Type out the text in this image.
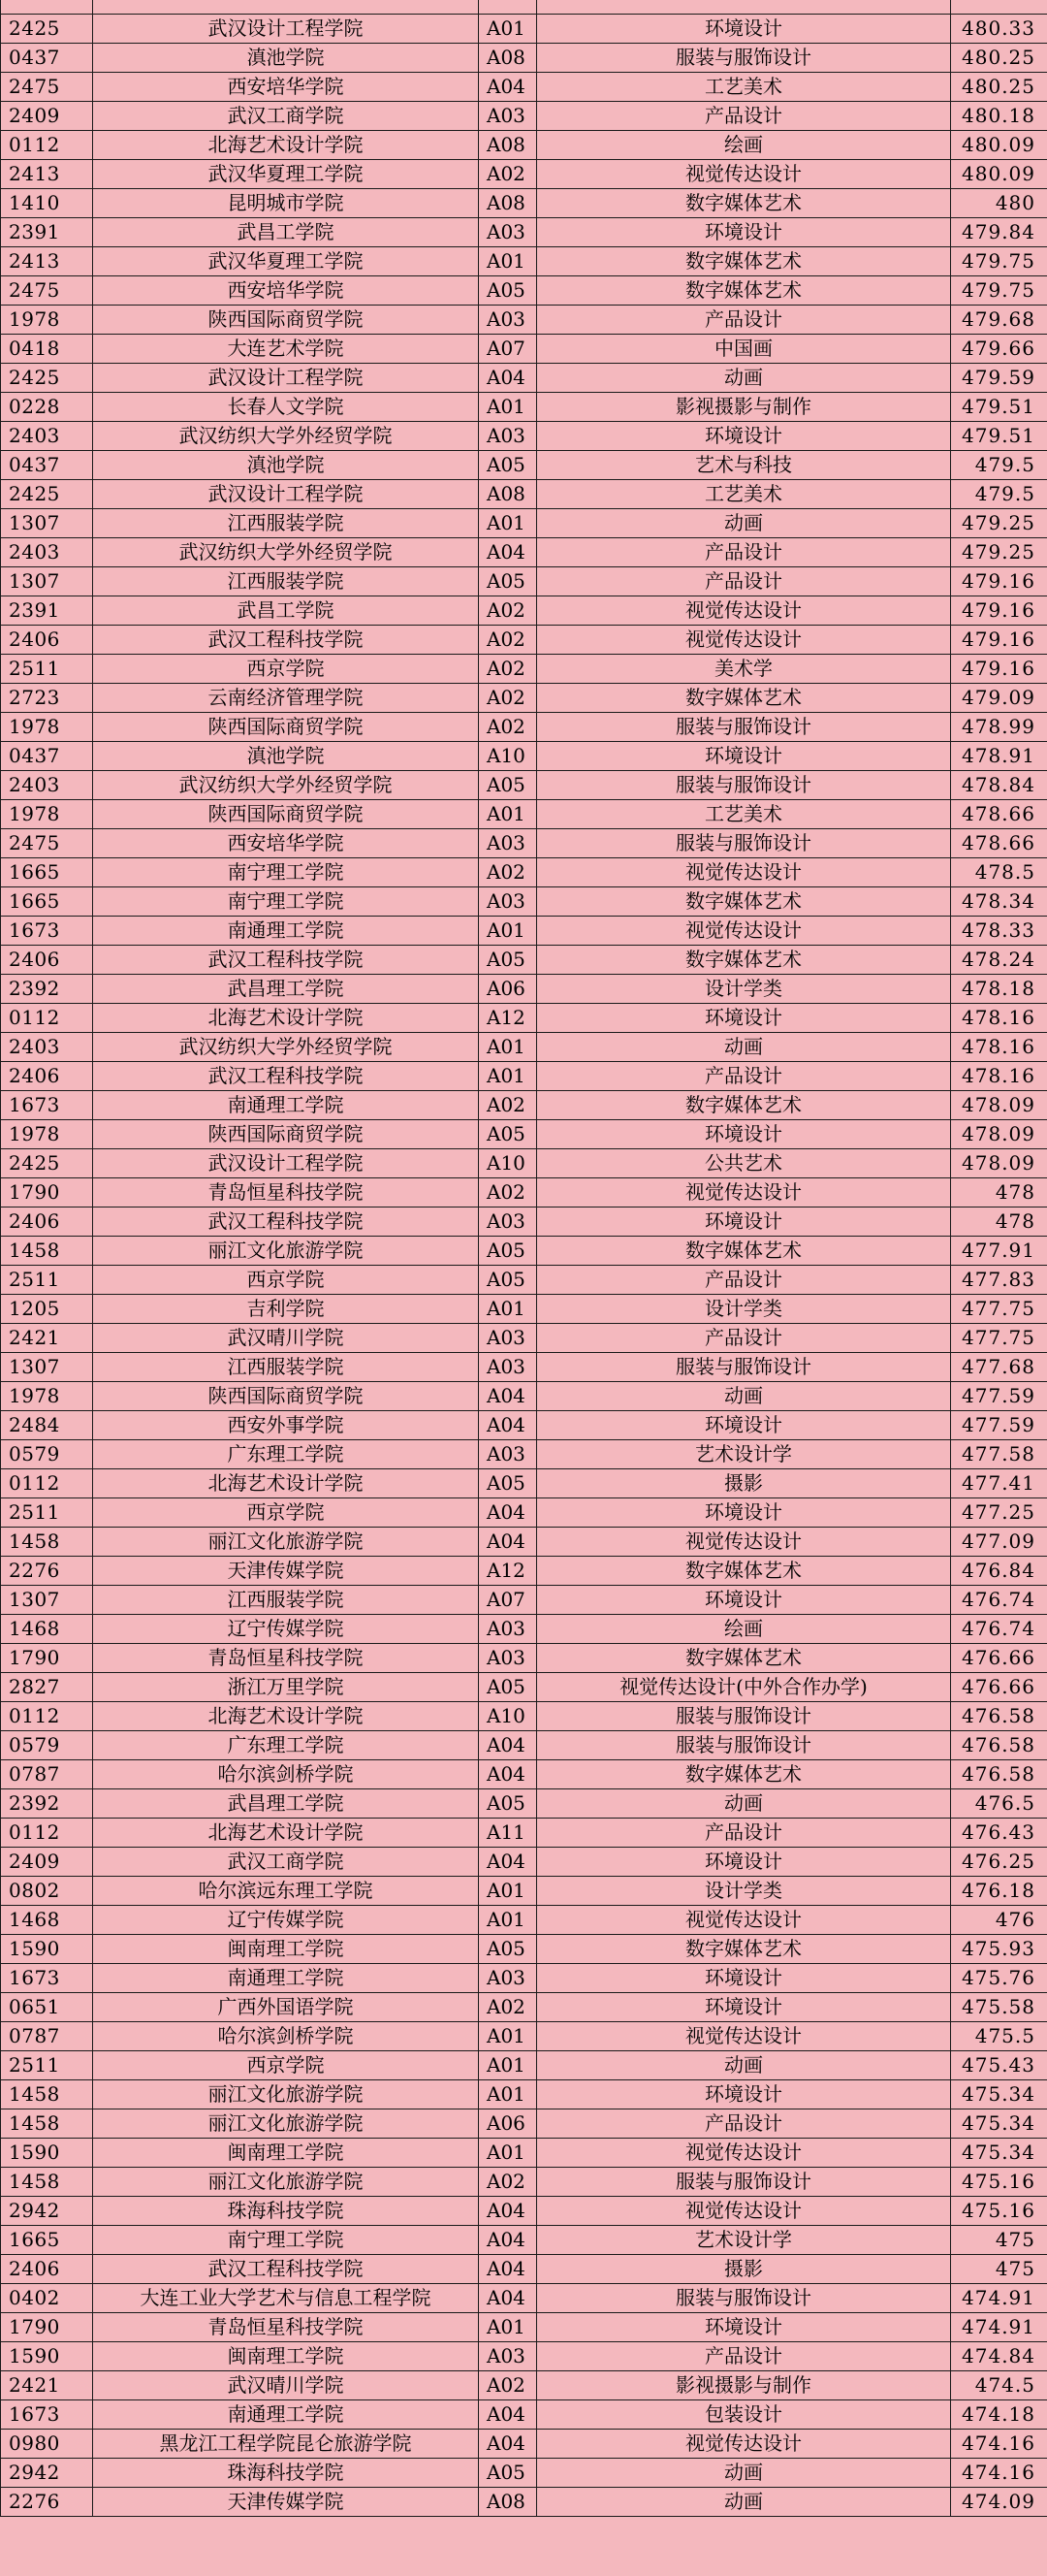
2425	武汉设计工程学院	A01	环境设计	480.33
0437	滇池学院	A08	服装与服饰设计	480.25
2475	西安培华学院	A04	工艺美术	480.25
2409	武汉工商学院	A03	产品设计	480.18
0112	北海艺术设计学院	A08	绘画	480.09
2413	武汉华夏理工学院	A02	视觉传达设计	480.09
1410	昆明城市学院	A08	数字媒体艺术	480
2391	武昌工学院	A03	环境设计	479.84
2413	武汉华夏理工学院	A01	数字媒体艺术	479.75
2475	西安培华学院	A05	数字媒体艺术	479.75
1978	陕西国际商贸学院	A03	产品设计	479.68
0418	大连艺术学院	A07	中国画	479.66
2425	武汉设计工程学院	A04	动画	479.59
0228	长春人文学院	A01	影视摄影与制作	479.51
2403	武汉纺织大学外经贸学院	A03	环境设计	479.51
0437	滇池学院	A05	艺术与科技	479.5
2425	武汉设计工程学院	A08	工艺美术	479.5
1307	江西服装学院	A01	动画	479.25
2403	武汉纺织大学外经贸学院	A04	产品设计	479.25
1307	江西服装学院	A05	产品设计	479.16
2391	武昌工学院	A02	视觉传达设计	479.16
2406	武汉工程科技学院	A02	视觉传达设计	479.16
2511	西京学院	A02	美术学	479.16
2723	云南经济管理学院	A02	数字媒体艺术	479.09
1978	陕西国际商贸学院	A02	服装与服饰设计	478.99
0437	滇池学院	A10	环境设计	478.91
2403	武汉纺织大学外经贸学院	A05	服装与服饰设计	478.84
1978	陕西国际商贸学院	A01	工艺美术	478.66
2475	西安培华学院	A03	服装与服饰设计	478.66
1665	南宁理工学院	A02	视觉传达设计	478.5
1665	南宁理工学院	A03	数字媒体艺术	478.34
1673	南通理工学院	A01	视觉传达设计	478.33
2406	武汉工程科技学院	A05	数字媒体艺术	478.24
2392	武昌理工学院	A06	设计学类	478.18
0112	北海艺术设计学院	A12	环境设计	478.16
2403	武汉纺织大学外经贸学院	A01	动画	478.16
2406	武汉工程科技学院	A01	产品设计	478.16
1673	南通理工学院	A02	数字媒体艺术	478.09
1978	陕西国际商贸学院	A05	环境设计	478.09
2425	武汉设计工程学院	A10	公共艺术	478.09
1790	青岛恒星科技学院	A02	视觉传达设计	478
2406	武汉工程科技学院	A03	环境设计	478
1458	丽江文化旅游学院	A05	数字媒体艺术	477.91
2511	西京学院	A05	产品设计	477.83
1205	吉利学院	A01	设计学类	477.75
2421	武汉晴川学院	A03	产品设计	477.75
1307	江西服装学院	A03	服装与服饰设计	477.68
1978	陕西国际商贸学院	A04	动画	477.59
2484	西安外事学院	A04	环境设计	477.59
0579	广东理工学院	A03	艺术设计学	477.58
0112	北海艺术设计学院	A05	摄影	477.41
2511	西京学院	A04	环境设计	477.25
1458	丽江文化旅游学院	A04	视觉传达设计	477.09
2276	天津传媒学院	A12	数字媒体艺术	476.84
1307	江西服装学院	A07	环境设计	476.74
1468	辽宁传媒学院	A03	绘画	476.74
1790	青岛恒星科技学院	A03	数字媒体艺术	476.66
2827	浙江万里学院	A05	视觉传达设计(中外合作办学)	476.66
0112	北海艺术设计学院	A10	服装与服饰设计	476.58
0579	广东理工学院	A04	服装与服饰设计	476.58
0787	哈尔滨剑桥学院	A04	数字媒体艺术	476.58
2392	武昌理工学院	A05	动画	476.5
0112	北海艺术设计学院	A11	产品设计	476.43
2409	武汉工商学院	A04	环境设计	476.25
0802	哈尔滨远东理工学院	A01	设计学类	476.18
1468	辽宁传媒学院	A01	视觉传达设计	476
1590	闽南理工学院	A05	数字媒体艺术	475.93
1673	南通理工学院	A03	环境设计	475.76
0651	广西外国语学院	A02	环境设计	475.58
0787	哈尔滨剑桥学院	A01	视觉传达设计	475.5
2511	西京学院	A01	动画	475.43
1458	丽江文化旅游学院	A01	环境设计	475.34
1458	丽江文化旅游学院	A06	产品设计	475.34
1590	闽南理工学院	A01	视觉传达设计	475.34
1458	丽江文化旅游学院	A02	服装与服饰设计	475.16
2942	珠海科技学院	A04	视觉传达设计	475.16
1665	南宁理工学院	A04	艺术设计学	475
2406	武汉工程科技学院	A04	摄影	475
0402	大连工业大学艺术与信息工程学院	A04	服装与服饰设计	474.91
1790	青岛恒星科技学院	A01	环境设计	474.91
1590	闽南理工学院	A03	产品设计	474.84
2421	武汉晴川学院	A02	影视摄影与制作	474.5
1673	南通理工学院	A04	包装设计	474.18
0980	黑龙江工程学院昆仑旅游学院	A04	视觉传达设计	474.16
2942	珠海科技学院	A05	动画	474.16
2276	天津传媒学院	A08	动画	474.09
